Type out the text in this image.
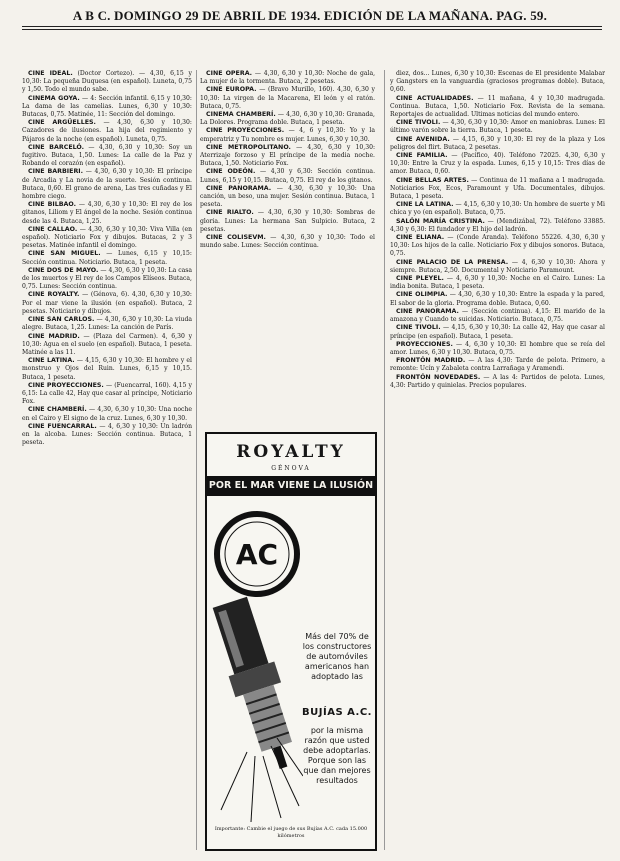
A B C. DOMINGO 29 DE ABRIL DE 1934. EDICIÓN DE LA MAÑANA. PAG. 59.

CINE IDEAL. (Doctor Cortezo). — 4,30, 6,15 y 10,30: La pequeña Duquesa (en español). Luneta, 0,75 y 1,50. Todo el mundo sabe.

CINEMA GOYA. — 4: Sección infantil. 6,15 y 10,30: La dama de las camelias. Lunes, 6,30 y 10,30: Butacas, 0,75. Matinée, 11: Sección del domingo.

CINE ARGÜELLES. — 4,30, 6,30 y 10,30: Cazadores de ilusiones. La hija del regimiento y Pájaros de la noche (en español). Luneta, 0,75.

CINE BARCELÓ. — 4,30, 6,30 y 10,30: Soy un fugitivo. Butaca, 1,50. Lunes: La calle de la Paz y Robando el corazón (en español).

CINE BARBIERI. — 4,30, 6,30 y 10,30: El príncipe de Arcadia y La novia de la suerte. Sesión continua. Butaca, 0,60. El grano de arena, Las tres cuñadas y El hombre ciego.

CINE BILBAO. — 4,30, 6,30 y 10,30: El rey de los gitanos, Liliom y El ángel de la noche. Sesión continua desde las 4. Butaca, 1,25.

CINE CALLAO. — 4,30, 6,30 y 10,30: Viva Villa (en español). Noticiario Fox y dibujos. Butacas, 2 y 3 pesetas. Matinée infantil el domingo.

CINE SAN MIGUEL. — Lunes, 6,15 y 10,15: Sección continua. Noticiario. Butaca, 1 peseta.

CINE DOS DE MAYO. — 4,30, 6,30 y 10,30: La casa de los muertos y El rey de los Campos Elíseos. Butaca, 0,75. Lunes: Sección continua.

CINE ROYALTY. — (Génova, 6). 4,30, 6,30 y 10,30: Por el mar viene la ilusión (en español). Butaca, 2 pesetas. Noticiario y dibujos.

CINE SAN CARLOS. — 4,30, 6,30 y 10,30: La viuda alegre. Butaca, 1,25. Lunes: La canción de París.

CINE MADRID. — (Plaza del Carmen). 4, 6,30 y 10,30: Agua en el suelo (en español). Butaca, 1 peseta. Matinée a las 11.

CINE LATINA. — 4,15, 6,30 y 10,30: El hombre y el monstruo y Ojos del Ruin. Lunes, 6,15 y 10,15. Butaca, 1 peseta.

CINE PROYECCIONES. — (Fuencarral, 160). 4,15 y 6,15: La calle 42, Hay que casar al príncipe, Noticiario Fox.

CINE CHAMBERÍ. — 4,30, 6,30 y 10,30: Una noche en el Cairo y El signo de la cruz. Lunes, 6,30 y 10,30.

CINE FUENCARRAL. — 4, 6,30 y 10,30: Un ladrón en la alcoba. Lunes: Sección continua. Butaca, 1 peseta.

CINE ÓPERA. — 4,30, 6,30 y 10,30: Noche de gala, La mujer de la tormenta. Butaca, 2 pesetas.

CINE EUROPA. — (Bravo Murillo, 160). 4,30, 6,30 y 10,30: La virgen de la Macarena, El león y el ratón. Butaca, 0,75.

CINEMA CHAMBERÍ. — 4,30, 6,30 y 10,30: Granada, La Dolores. Programa doble. Butaca, 1 peseta.

CINE PROYECCIONES. — 4, 6 y 10,30: Yo y la emperatriz y Tu nombre es mujer. Lunes, 6,30 y 10,30.

CINE METROPOLITANO. — 4,30, 6,30 y 10,30: Aterrizaje forzoso y El príncipe de la media noche. Butaca, 1,50. Noticiario Fox.

CINE ODEÓN. — 4,30 y 6,30: Sección continua. Lunes, 6,15 y 10,15. Butaca, 0,75. El rey de los gitanos.

CINE PANORAMA. — 4,30, 6,30 y 10,30: Una canción, un beso, una mujer. Sesión continua. Butaca, 1 peseta.

CINE RIALTO. — 4,30, 6,30 y 10,30: Sombras de gloria. Lunes: La hermana San Sulpicio. Butaca, 2 pesetas.

CINE COLISEVM. — 4,30, 6,30 y 10,30: Todo el mundo sabe. Lunes: Sección continua.

diez, dos... Lunes, 6,30 y 10,30: Escenas de El presidente Malabar y Gangsters en la vanguardia (graciosos programas doble). Butaca, 0,60.

CINE ACTUALIDADES. — 11 mañana, 4 y 10,30 madrugada. Continua. Butaca, 1,50. Noticiario Fox. Revista de la semana. Reportajes de actualidad. Ultimas noticias del mundo entero.

CINE TIVOLI. — 4,30, 6,30 y 10,30: Amor en maniobras. Lunes: El último varón sobre la tierra. Butaca, 1 peseta.

CINE AVENIDA. — 4,15, 6,30 y 10,30: El rey de la plaza y Los peligros del flirt. Butaca, 2 pesetas.

CINE FAMILIA. — (Pacífico, 40). Teléfono 72025. 4,30, 6,30 y 10,30: Entre la Cruz y la espada. Lunes, 6,15 y 10,15: Tres días de amor. Butaca, 0,60.

CINE BELLAS ARTES. — Continua de 11 mañana a 1 madrugada. Noticiarios Fox, Ecos, Paramount y Ufa. Documentales, dibujos. Butaca, 1 peseta.

CINE LA LATINA. — 4,15, 6,30 y 10,30: Un hombre de suerte y Mi chica y yo (en español). Butaca, 0,75.

SALÓN MARÍA CRISTINA. — (Mendizábal, 72). Teléfono 33885. 4,30 y 6,30: El fundador y El hijo del ladrón.

CINE ELIANA. — (Conde Aranda). Teléfono 55226. 4,30, 6,30 y 10,30: Los hijos de la calle. Noticiario Fox y dibujos sonoros. Butaca, 0,75.

CINE PALACIO DE LA PRENSA. — 4, 6,30 y 10,30: Ahora y siempre. Butaca, 2,50. Documental y Noticiario Paramount.

CINE PLEYEL. — 4, 6,30 y 10,30: Noche en el Cairo. Lunes: La india bonita. Butaca, 1 peseta.

CINE OLIMPIA. — 4,30, 6,30 y 10,30: Entre la espada y la pared, El sabor de la gloria. Programa doble. Butaca, 0,60.

CINE PANORAMA. — (Sección continua). 4,15: El marido de la amazona y Cuando te suicidas. Noticiario. Butaca, 0,75.

CINE TIVOLI. — 4,15, 6,30 y 10,30: La calle 42, Hay que casar al príncipe (en español). Butaca, 1 peseta.

PROYECCIONES. — 4, 6,30 y 10,30: El hombre que se reía del amor. Lunes, 6,30 y 10,30. Butaca, 0,75.

FRONTÓN MADRID. — A las 4,30: Tarde de pelota. Primero, a remonte: Ucín y Zabaleta contra Larrañaga y Aramendi.

FRONTÓN NOVEDADES. — A las 4: Partidos de pelota. Lunes, 4,30: Partido y quinielas. Precios populares.

ROYALTY
GÉNOVA
POR EL MAR VIENE LA ILUSIÓN
AC
Más del 70% de los constructores de automóviles americanos han adoptado las
BUJÍAS A.C.
por la misma razón que usted debe adoptarlas. Porque son las que dan mejores resultados
Importante: Cambie el juego de sus Bujías A.C. cada 15.000 kilómetros
